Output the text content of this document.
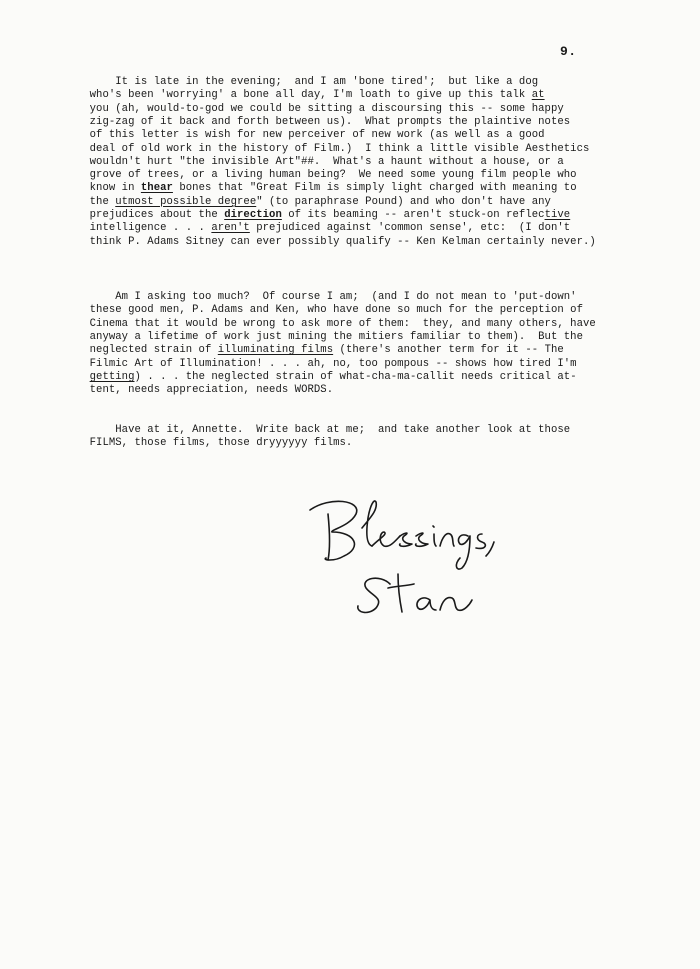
9.
It is late in the evening;  and I am 'bone tired';  but like a dog
who's been 'worrying' a bone all day, I'm loath to give up this talk at
you (ah, would-to-god we could be sitting a discoursing this -- some happy
zig-zag of it back and forth between us).  What prompts the plaintive notes
of this letter is wish for new perceiver of new work (as well as a good
deal of old work in the history of Film.)  I think a little visible Aesthetics
wouldn't hurt "the invisible Art"##.  What's a haunt without a house, or a
grove of trees, or a living human being?  We need some young film people who
know in thear bones that "Great Film is simply light charged with meaning to
the utmost possible degree" (to paraphrase Pound) and who don't have any
prejudices about the direction of its beaming -- aren't stuck-on reflective
intelligence . . . aren't prejudiced against 'common sense', etc:  (I don't
think P. Adams Sitney can ever possibly qualify -- Ken Kelman certainly never.)
Am I asking too much?  Of course I am;  (and I do not mean to 'put-down'
these good men, P. Adams and Ken, who have done so much for the perception of
Cinema that it would be wrong to ask more of them:  they, and many others, have
anyway a lifetime of work just mining the mitiers familiar to them).  But the
neglected strain of illuminating films (there's another term for it -- The
Filmic Art of Illumination! . . . ah, no, too pompous -- shows how tired I'm
getting) . . . the neglected strain of what-cha-ma-callit needs critical at-
tent, needs appreciation, needs WORDS.
Have at it, Annette.  Write back at me;  and take another look at those
FILMS, those films, those dryyyyyy films.
